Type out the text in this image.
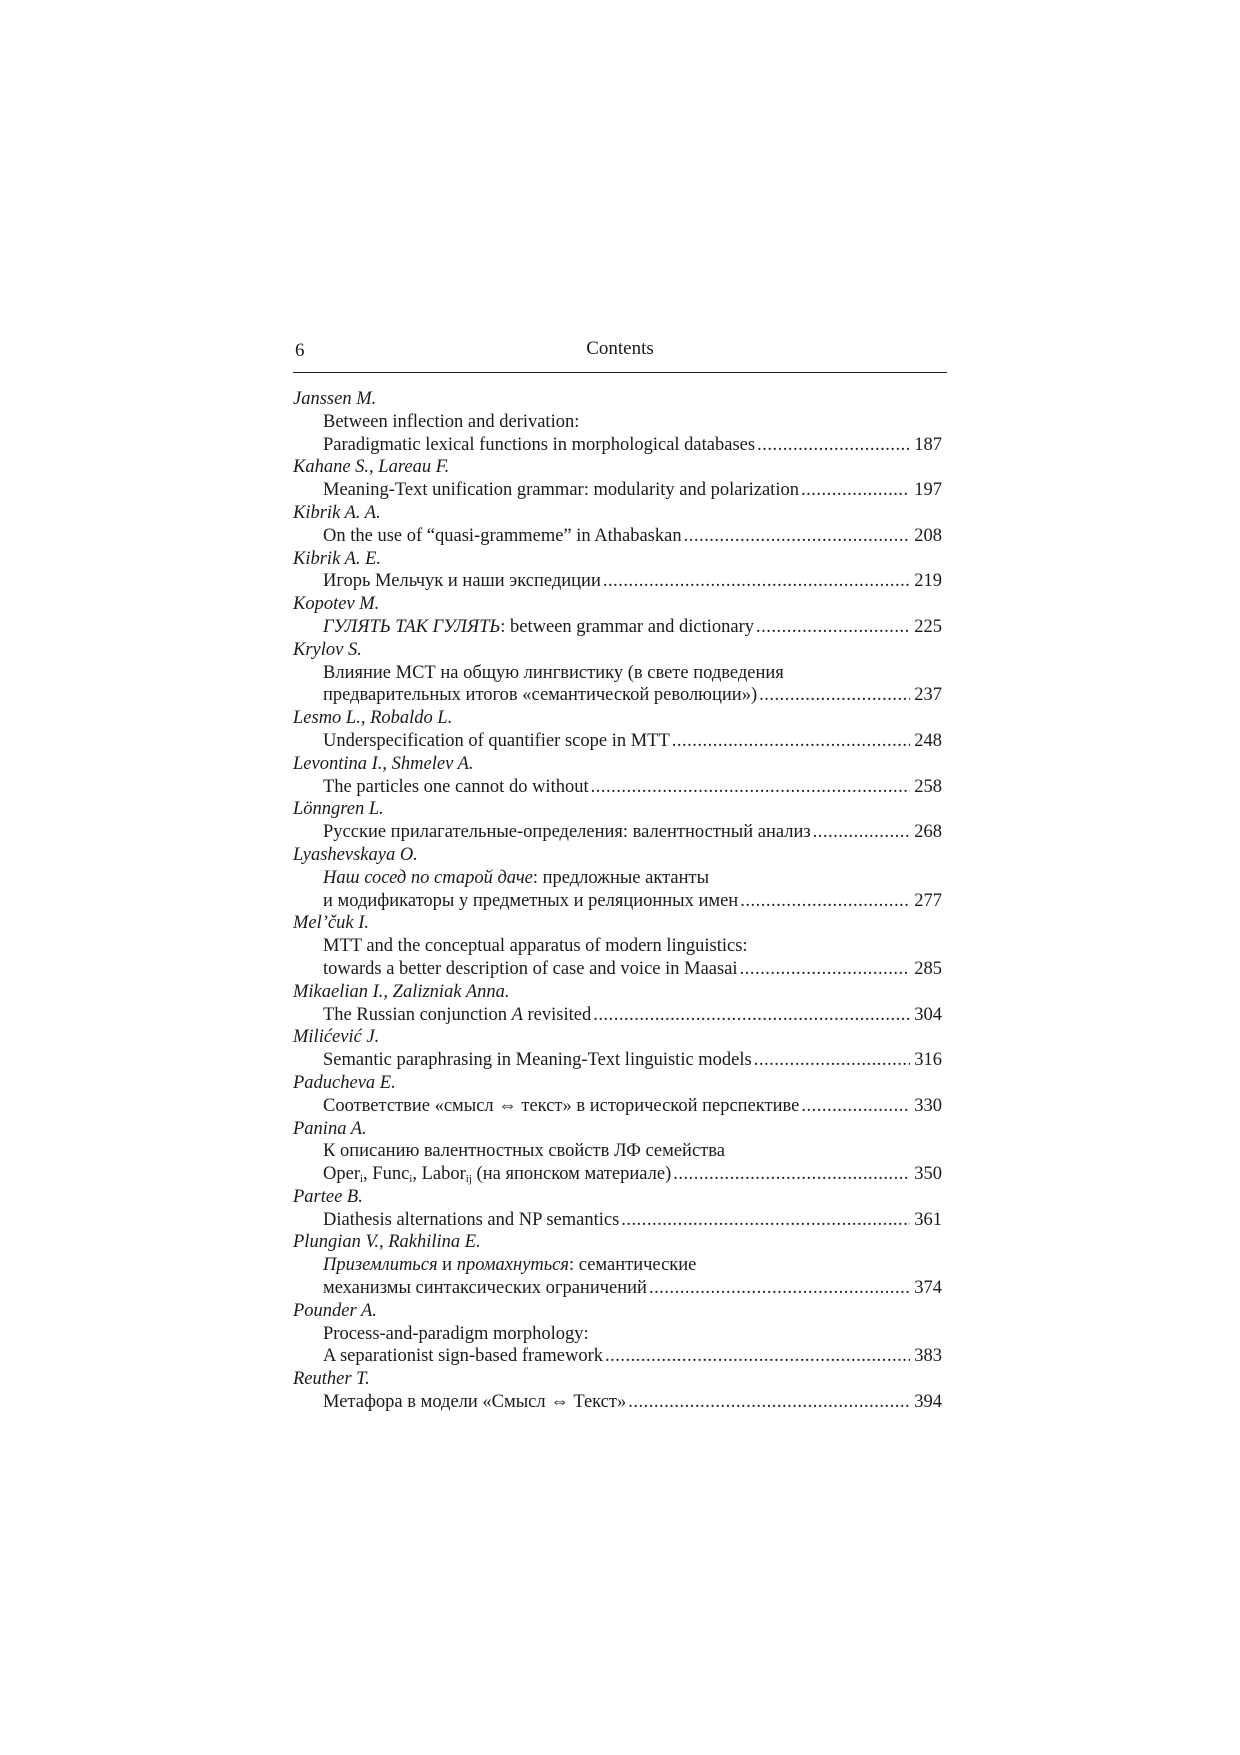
6	Contents
Janssen M.
Between inflection and derivation:
Paradigmatic lexical functions in morphological databases .....	187
Kahane S., Lareau F.
Meaning-Text unification grammar: modularity and polarization .....	197
Kibrik A. A.
On the use of “quasi-grammeme” in Athabaskan .....	208
Kibrik A. E.
Игорь Мельчук и наши экспедиции .....	219
Kopotev M.
ГУЛЯТЬ ТАК ГУЛЯТЬ: between grammar and dictionary .....	225
Krylov S.
Влияние МСТ на общую лингвистику (в свете подведения
предварительных итогов «семантической революции») .....	237
Lesmo L., Robaldo L.
Underspecification of quantifier scope in MTT .....	248
Levontina I., Shmelev A.
The particles one cannot do without .....	258
Lönngren L.
Русские прилагательные-определения: валентностный анализ .....	268
Lyashevskaya O.
Наш сосед по старой даче: предложные актанты
и модификаторы у предметных и реляционных имен .....	277
Mel’čuk I.
MTT and the conceptual apparatus of modern linguistics:
towards a better description of case and voice in Maasai .....	285
Mikaelian I., Zalizniak Anna.
The Russian conjunction A revisited .....	304
Milićević J.
Semantic paraphrasing in Meaning-Text linguistic models .....	316
Paducheva E.
Соответствие «смысл ⇔ текст» в исторической перспективе .....	330
Panina A.
К описанию валентностных свойств ЛФ семейства
Oper$_i$, Func$_i$, Labor$_{ij}$ (на японском материале) .....	350
Partee B.
Diathesis alternations and NP semantics .....	361
Plungian V., Rakhilina E.
Приземлиться и промахнуться: семантические
механизмы синтаксических ограничений .....	374
Pounder A.
Process-and-paradigm morphology:
A separationist sign-based framework .....	383
Reuther T.
Метафора в модели «Смысл ⇔ Текст» .....	394
